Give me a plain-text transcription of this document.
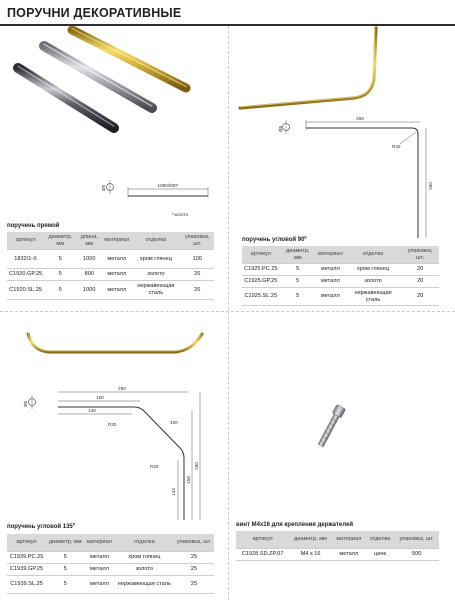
ПОРУЧНИ ДЕКОРАТИВНЫЕ
Ø5	1000/800*
*золото
поручень прямой
артикул	диаметр, мм	длина, мм	материал	отделка	упаковка, шт.
1832/1-X	5	1000	металл	хром глянец	100
C1920.GP.25	5	800	металл	золото	20
C1920.SL.25	5	1000	металл	нержавеющая сталь	20
Ø5
260
260
R40
поручень угловой 90º
артикул	диаметр, мм	материал	отделка	упаковка, шт.
C1925.PC.25	5	металл	хром глянец	20
C1925.GP.25	5	металл	золото	20
C1925.SL.25	5	металл	нержавеющая сталь	20
260
150
Ø5
140
R20	100
R20
143
150
260
поручень угловой 135º
артикул	диаметр, мм	материал	отделка	упаковка, шт.
C1939.PC.25	5	металл	хром глянец	25
C1939.GP.25	5	металл	золото	25
C1939.SL.25	5	металл	нержавеющая сталь	25
винт М4х16 для крепления держателей
артикул	диаметр, мм	материал	отделка	упаковка, шт.
C1928.SD.ZP.07	М4 х 16	металл	цинк	500
